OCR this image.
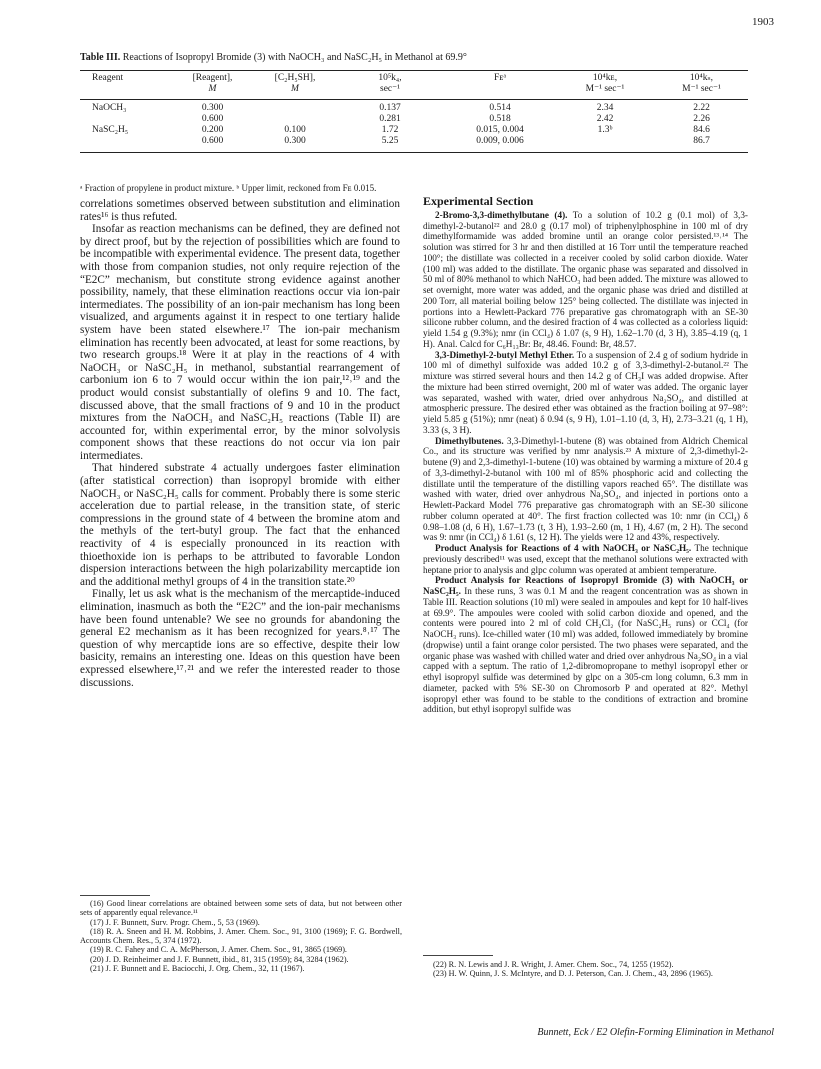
1903
Table III. Reactions of Isopropyl Bromide (3) with NaOCH₃ and NaSC₂H₅ in Methanol at 69.9°
Reagent	[Reagent],	[C₂H₅SH],	10⁵k₄,	Fᴇᵃ	10⁴kᴇ,	10⁴kₛ,
	M	M	sec⁻¹		M⁻¹ sec⁻¹	M⁻¹ sec⁻¹
NaOCH₃	0.300		0.137	0.514	2.34	2.22
	0.600		0.281	0.518	2.42	2.26
NaSC₂H₅	0.200	0.100	1.72	0.015, 0.004	1.3ᵇ	84.6
	0.600	0.300	5.25	0.009, 0.006		86.7
ᵃ Fraction of propylene in product mixture. ᵇ Upper limit, reckoned from Fᴇ 0.015.

correlations sometimes observed between substitution and elimination rates¹⁶ is thus refuted.

Insofar as reaction mechanisms can be defined, they are defined not by direct proof, but by the rejection of possibilities which are found to be incompatible with experimental evidence. The present data, together with those from companion studies, not only require rejection of the “E2C” mechanism, but constitute strong evidence against another possibility, namely, that these elimination reactions occur via ion-pair intermediates. The possibility of an ion-pair mechanism has long been visualized, and arguments against it in respect to one tertiary halide system have been stated elsewhere.¹⁷ The ion-pair mechanism elimination has recently been advocated, at least for some reactions, by two research groups.¹⁸ Were it at play in the reactions of 4 with NaOCH₃ or NaSC₂H₅ in methanol, substantial rearrangement of carbonium ion 6 to 7 would occur within the ion pair,¹²˒¹⁹ and the product would consist substantially of olefins 9 and 10. The fact, discussed above, that the small fractions of 9 and 10 in the product mixtures from the NaOCH₃ and NaSC₂H₅ reactions (Table II) are accounted for, within experimental error, by the minor solvolysis component shows that these reactions do not occur via ion pair intermediates.

That hindered substrate 4 actually undergoes faster elimination (after statistical correction) than isopropyl bromide with either NaOCH₃ or NaSC₂H₅ calls for comment. Probably there is some steric acceleration due to partial release, in the transition state, of steric compressions in the ground state of 4 between the bromine atom and the methyls of the tert-butyl group. The fact that the enhanced reactivity of 4 is especially pronounced in its reaction with thioethoxide ion is perhaps to be attributed to favorable London dispersion interactions between the high polarizability mercaptide ion and the additional methyl groups of 4 in the transition state.²⁰

Finally, let us ask what is the mechanism of the mercaptide-induced elimination, inasmuch as both the “E2C” and the ion-pair mechanisms have been found untenable? We see no grounds for abandoning the general E2 mechanism as it has been recognized for years.⁸˒¹⁷ The question of why mercaptide ions are so effective, despite their low basicity, remains an interesting one. Ideas on this question have been expressed elsewhere,¹⁷˒²¹ and we refer the interested reader to those discussions.

Experimental Section

2-Bromo-3,3-dimethylbutane (4). To a solution of 10.2 g (0.1 mol) of 3,3-dimethyl-2-butanol²² and 28.0 g (0.17 mol) of triphenylphosphine in 100 ml of dry dimethylformamide was added bromine until an orange color persisted.¹³˒¹⁴ The solution was stirred for 3 hr and then distilled at 16 Torr until the temperature reached 100°; the distillate was collected in a receiver cooled by solid carbon dioxide. Water (100 ml) was added to the distillate. The organic phase was separated and dissolved in 50 ml of 80% methanol to which NaHCO₃ had been added. The mixture was allowed to set overnight, more water was added, and the organic phase was dried and distilled at 200 Torr, all material boiling below 125° being collected. The distillate was injected in portions into a Hewlett-Packard 776 preparative gas chromatograph with an SE-30 silicone rubber column, and the desired fraction of 4 was collected as a colorless liquid: yield 1.54 g (9.3%); nmr (in CCl₄) δ 1.07 (s, 9 H), 1.62–1.70 (d, 3 H), 3.85–4.19 (q, 1 H). Anal. Calcd for C₆H₁₃Br: Br, 48.46. Found: Br, 48.57.

3,3-Dimethyl-2-butyl Methyl Ether. To a suspension of 2.4 g of sodium hydride in 100 ml of dimethyl sulfoxide was added 10.2 g of 3,3-dimethyl-2-butanol.²² The mixture was stirred several hours and then 14.2 g of CH₃I was added dropwise. After the mixture had been stirred overnight, 200 ml of water was added. The organic layer was separated, washed with water, dried over anhydrous Na₂SO₄, and distilled at atmospheric pressure. The desired ether was obtained as the fraction boiling at 97–98°: yield 5.85 g (51%); nmr (neat) δ 0.94 (s, 9 H), 1.01–1.10 (d, 3, H), 2.73–3.21 (q, 1 H), 3.33 (s, 3 H).

Dimethylbutenes. 3,3-Dimethyl-1-butene (8) was obtained from Aldrich Chemical Co., and its structure was verified by nmr analysis.²³ A mixture of 2,3-dimethyl-2-butene (9) and 2,3-dimethyl-1-butene (10) was obtained by warming a mixture of 20.4 g of 3,3-dimethyl-2-butanol with 100 ml of 85% phosphoric acid and collecting the distillate until the temperature of the distilling vapors reached 65°. The distillate was washed with water, dried over anhydrous Na₂SO₄, and injected in portions onto a Hewlett-Packard Model 776 preparative gas chromatograph with an SE-30 silicone rubber column operated at 40°. The first fraction collected was 10: nmr (in CCl₄) δ 0.98–1.08 (d, 6 H), 1.67–1.73 (t, 3 H), 1.93–2.60 (m, 1 H), 4.67 (m, 2 H). The second was 9: nmr (in CCl₄) δ 1.61 (s, 12 H). The yields were 12 and 43%, respectively.

Product Analysis for Reactions of 4 with NaOCH₃ or NaSC₂H₅. The technique previously described¹¹ was used, except that the methanol solutions were extracted with heptane prior to analysis and glpc column was operated at ambient temperature.

Product Analysis for Reactions of Isopropyl Bromide (3) with NaOCH₃ or NaSC₂H₅. In these runs, 3 was 0.1 M and the reagent concentration was as shown in Table III. Reaction solutions (10 ml) were sealed in ampoules and kept for 10 half-lives at 69.9°. The ampoules were cooled with solid carbon dioxide and opened, and the contents were poured into 2 ml of cold CH₂Cl₂ (for NaSC₂H₅ runs) or CCl₄ (for NaOCH₃ runs). Ice-chilled water (10 ml) was added, followed immediately by bromine (dropwise) until a faint orange color persisted. The two phases were separated, and the organic phase was washed with chilled water and dried over anhydrous Na₂SO₄ in a vial capped with a septum. The ratio of 1,2-dibromopropane to methyl isopropyl ether or ethyl isopropyl sulfide was determined by glpc on a 305-cm long column, 6.3 mm in diameter, packed with 5% SE-30 on Chromosorb P and operated at 82°. Methyl isopropyl ether was found to be stable to the conditions of extraction and bromine addition, but ethyl isopropyl sulfide was

(16) Good linear correlations are obtained between some sets of data, but not between other sets of apparently equal relevance.¹¹

(17) J. F. Bunnett, Surv. Progr. Chem., 5, 53 (1969).

(18) R. A. Sneen and H. M. Robbins, J. Amer. Chem. Soc., 91, 3100 (1969); F. G. Bordwell, Accounts Chem. Res., 5, 374 (1972).

(19) R. C. Fahey and C. A. McPherson, J. Amer. Chem. Soc., 91, 3865 (1969).

(20) J. D. Reinheimer and J. F. Bunnett, ibid., 81, 315 (1959); 84, 3284 (1962).

(21) J. F. Bunnett and E. Baciocchi, J. Org. Chem., 32, 11 (1967).	(22) R. N. Lewis and J. R. Wright, J. Amer. Chem. Soc., 74, 1255 (1952).

(23) H. W. Quinn, J. S. McIntyre, and D. J. Peterson, Can. J. Chem., 43, 2896 (1965).

Bunnett, Eck / E2 Olefin-Forming Elimination in Methanol
